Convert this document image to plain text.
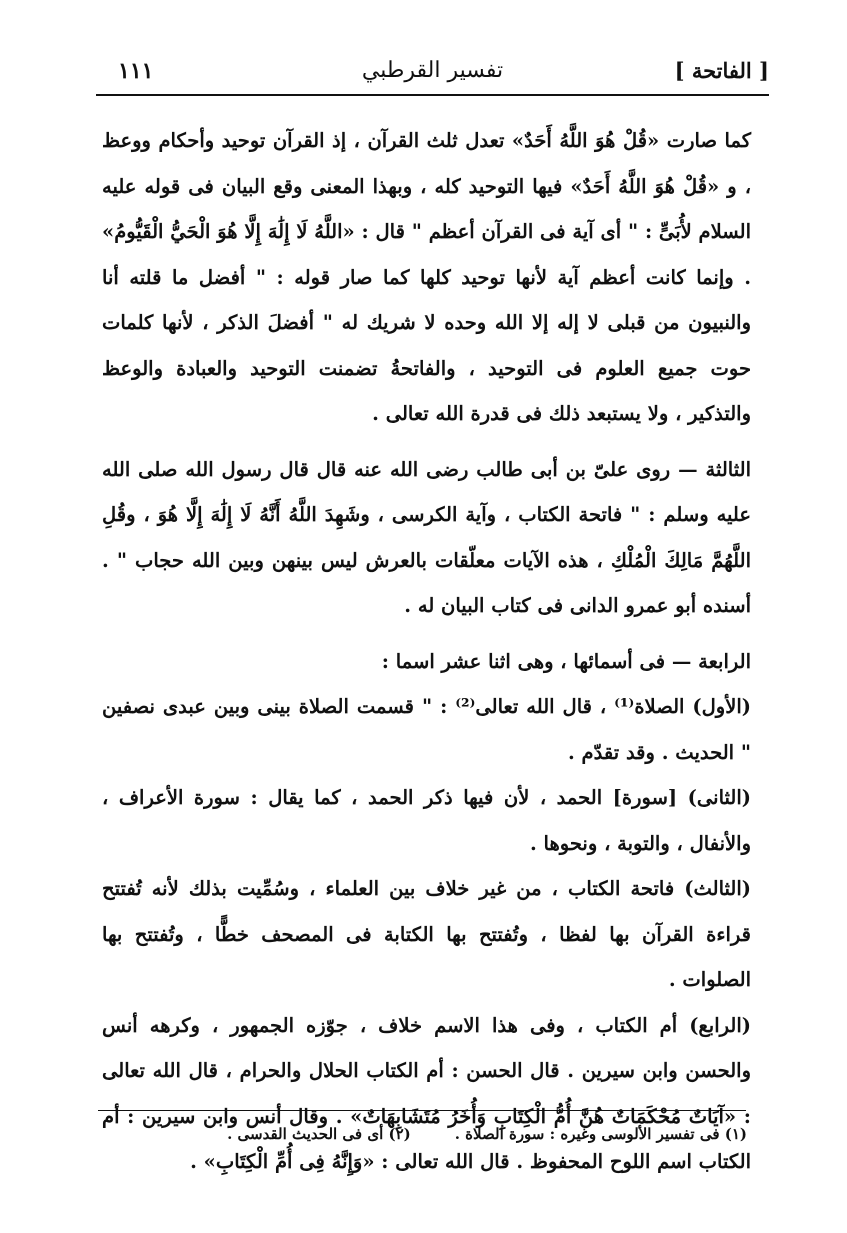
[ الفاتحة ]
تفسير القرطبي
١١١

كما صارت «قُلْ هُوَ اللَّهُ أَحَدٌ» تعدل ثلث القرآن ، إذ القرآن توحيد وأحكام ووعظ ، و «قُلْ هُوَ اللَّهُ أَحَدٌ» فيها التوحيد كله ، وبهذا المعنى وقع البيان فى قوله عليه السلام لأُبَىٍّ : " أى آية فى القرآن أعظم " قال : «اللَّهُ لَا إِلَٰهَ إِلَّا هُوَ الْحَيُّ الْقَيُّومُ» . وإنما كانت أعظم آية لأنها توحيد كلها كما صار قوله : " أفضل ما قلته أنا والنبيون من قبلى لا إله إلا الله وحده لا شريك له " أفضلَ الذكر ، لأنها كلمات حوت جميع العلوم فى التوحيد ، والفاتحةُ تضمنت التوحيد والعبادة والوعظ والتذكير ، ولا يستبعد ذلك فى قدرة الله تعالى .

الثالثة — روى علىّ بن أبى طالب رضى الله عنه قال قال رسول الله صلى الله عليه وسلم : " فاتحة الكتاب ، وآية الكرسى ، وشَهِدَ اللَّهُ أَنَّهُ لَا إِلَٰهَ إِلَّا هُوَ ، وقُلِ اللَّهُمَّ مَالِكَ الْمُلْكِ ، هذه الآيات معلّقات بالعرش ليس بينهن وبين الله حجاب " . أسنده أبو عمرو الدانى فى كتاب البيان له .

الرابعة — فى أسمائها ، وهى اثنا عشر اسما :

(الأول) الصلاة⁽¹⁾ ، قال الله تعالى⁽²⁾ : " قسمت الصلاة بينى وبين عبدى نصفين " الحديث . وقد تقدّم .

(الثانى) [سورة] الحمد ، لأن فيها ذكر الحمد ، كما يقال : سورة الأعراف ، والأنفال ، والتوبة ، ونحوها .

(الثالث) فاتحة الكتاب ، من غير خلاف بين العلماء ، وسُمِّيت بذلك لأنه تُفتتح قراءة القرآن بها لفظا ، وتُفتتح بها الكتابة فى المصحف خطًّا ، وتُفتتح بها الصلوات .

(الرابع) أم الكتاب ، وفى هذا الاسم خلاف ، جوّزه الجمهور ، وكرهه أنس والحسن وابن سيرين . قال الحسن : أم الكتاب الحلال والحرام ، قال الله تعالى : «آيَاتٌ مُحْكَمَاتٌ هُنَّ أُمُّ الْكِتَابِ وَأُخَرُ مُتَشَابِهَاتٌ» . وقال أنس وابن سيرين : أم الكتاب اسم اللوح المحفوظ . قال الله تعالى : «وَإِنَّهُ فِى أُمِّ الْكِتَابِ» .

(١) فى تفسير الألوسى وغيره : سورة الصلاة .
(٢) أى فى الحديث القدسى .
